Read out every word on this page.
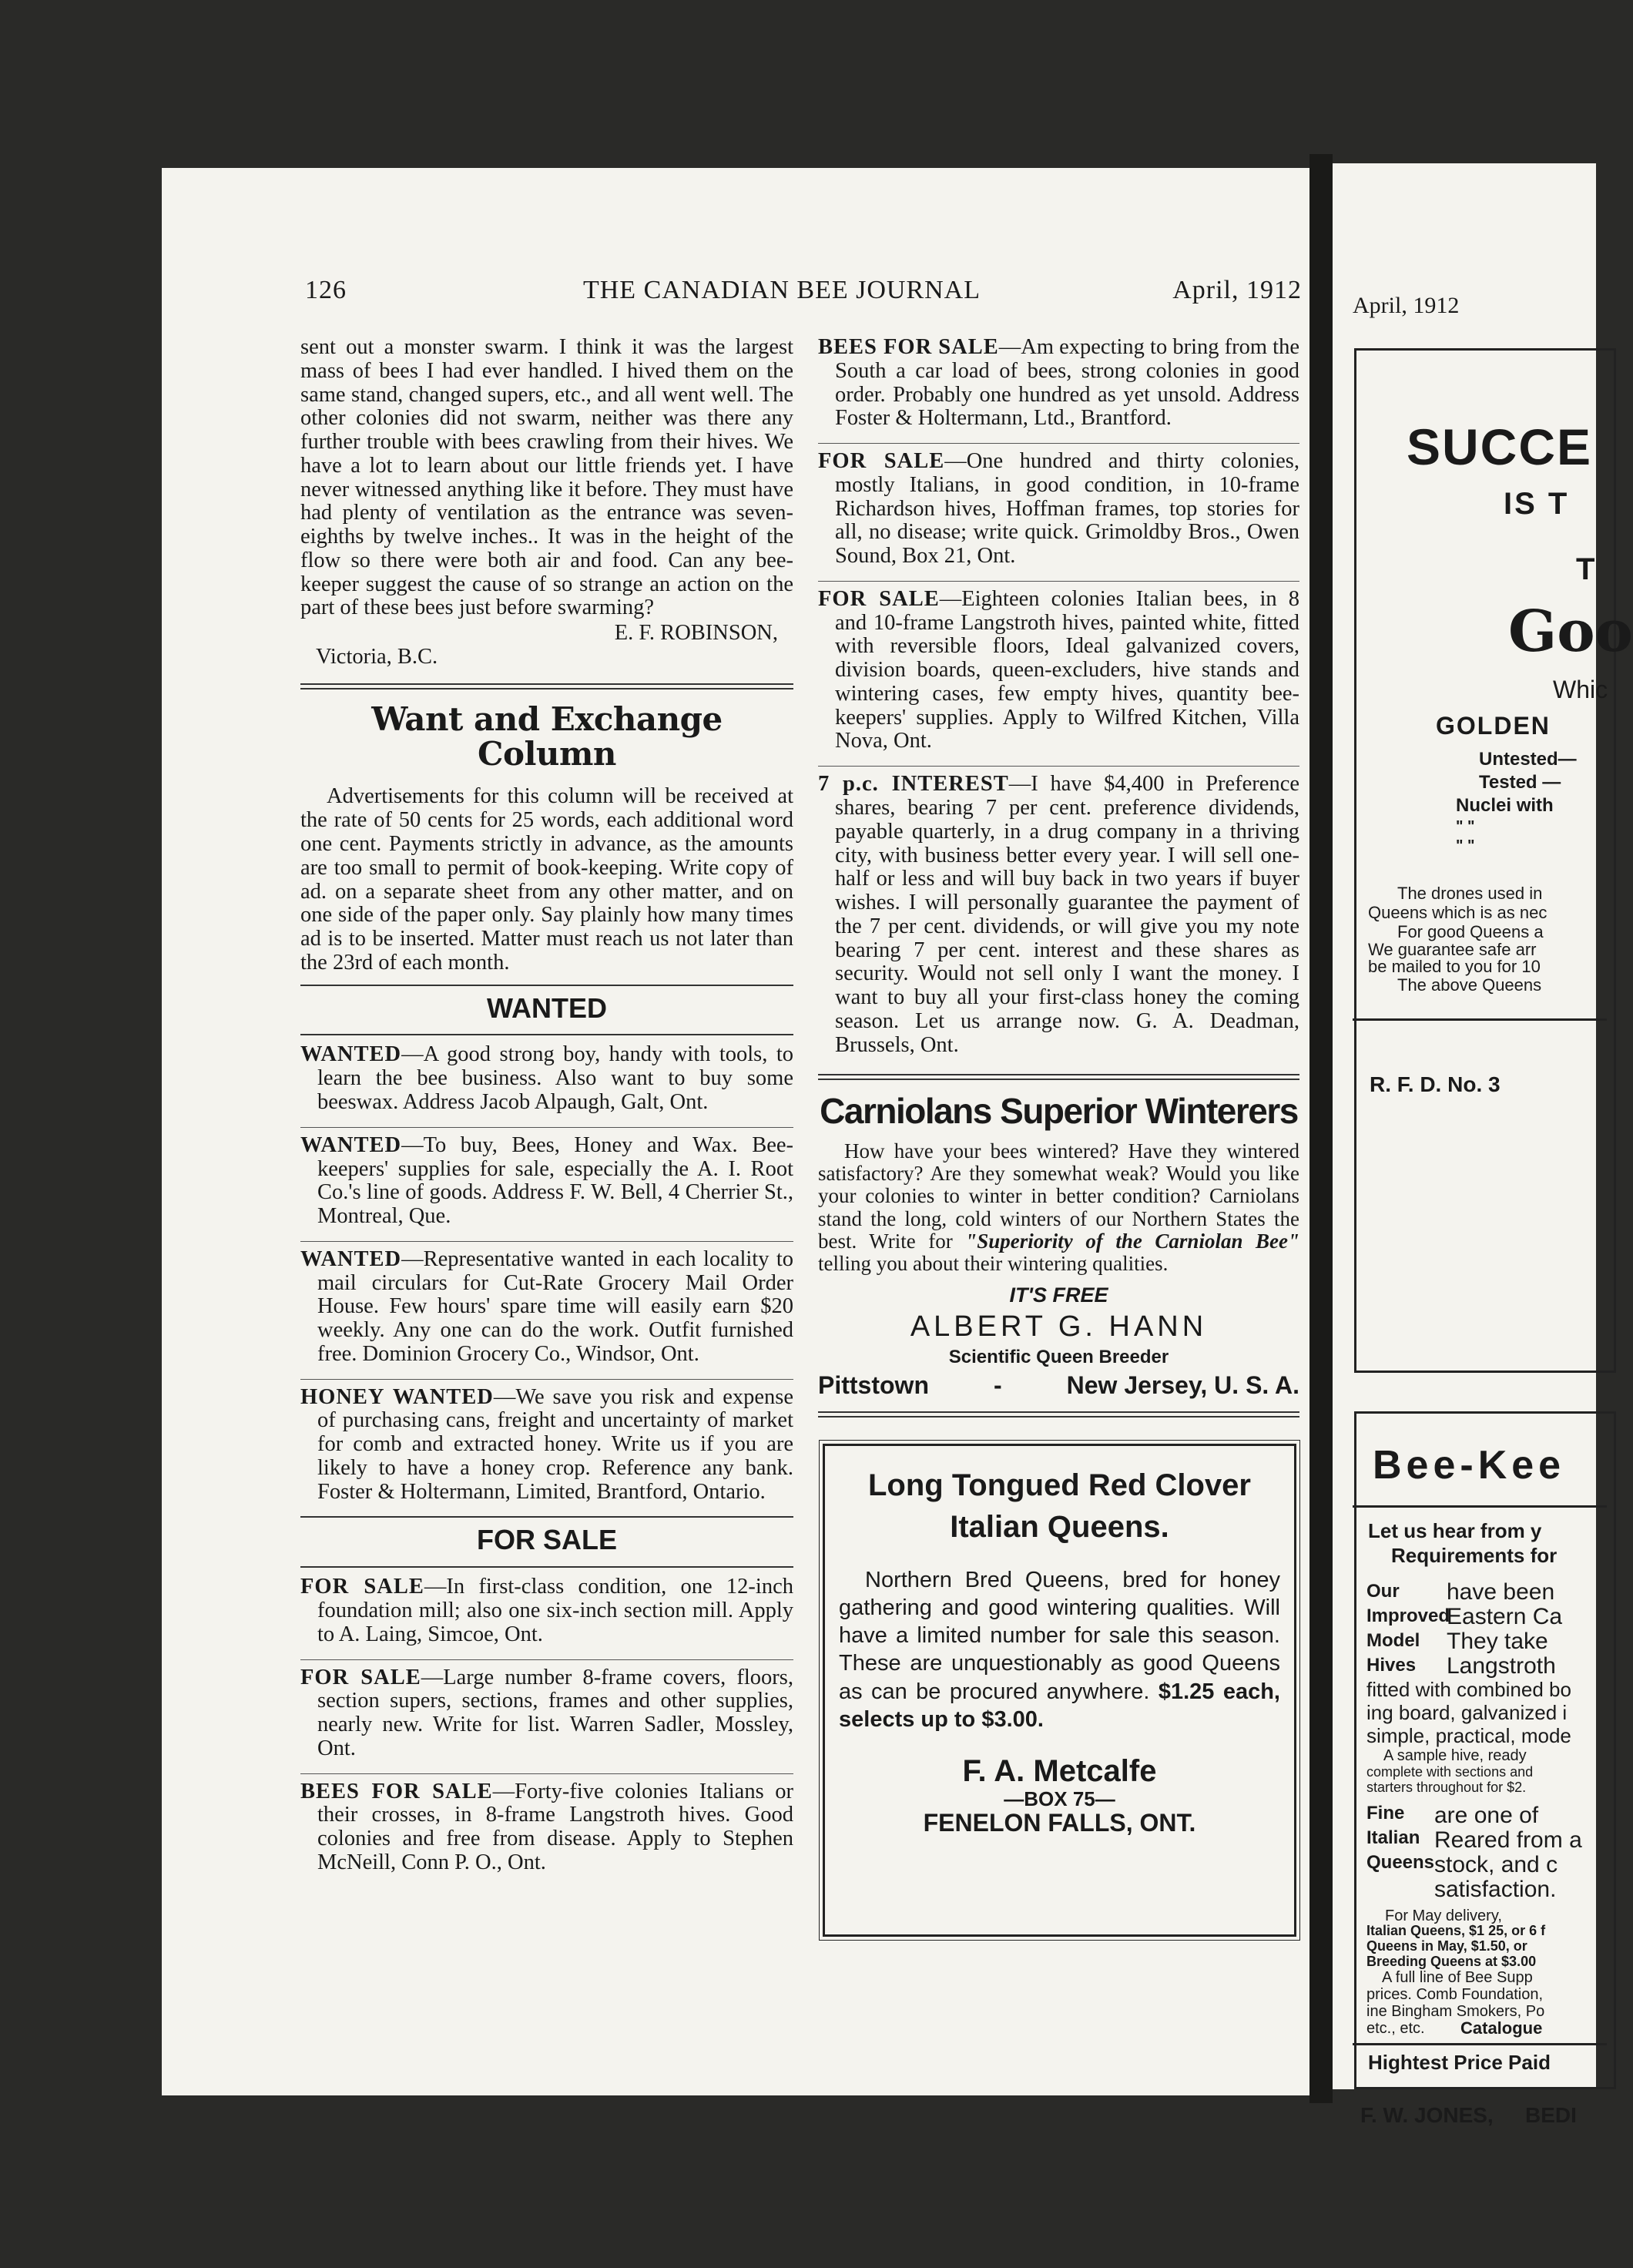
126	THE CANADIAN BEE JOURNAL	April, 1912

sent out a monster swarm. I think it was the largest mass of bees I had ever handled. I hived them on the same stand, changed supers, etc., and all went well. The other colonies did not swarm, neither was there any further trouble with bees crawling from their hives. We have a lot to learn about our little friends yet. I have never witnessed anything like it before. They must have had plenty of ventilation as the entrance was seven-eighths by twelve inches.. It was in the height of the flow so there were both air and food. Can any bee-keeper suggest the cause of so strange an action on the part of these bees just before swarming?

E. F. ROBINSON,

Victoria, B.C.

Want and Exchange Column

Advertisements for this column will be received at the rate of 50 cents for 25 words, each additional word one cent. Payments strictly in advance, as the amounts are too small to permit of book-keeping. Write copy of ad. on a separate sheet from any other matter, and on one side of the paper only. Say plainly how many times ad is to be inserted. Matter must reach us not later than the 23rd of each month.

WANTED
WANTED—A good strong boy, handy with tools, to learn the bee business. Also want to buy some beeswax. Address Jacob Alpaugh, Galt, Ont.
WANTED—To buy, Bees, Honey and Wax. Bee-keepers' supplies for sale, especially the A. I. Root Co.'s line of goods. Address F. W. Bell, 4 Cherrier St., Montreal, Que.
WANTED—Representative wanted in each locality to mail circulars for Cut-Rate Grocery Mail Order House. Few hours' spare time will easily earn $20 weekly. Any one can do the work. Outfit furnished free. Dominion Grocery Co., Windsor, Ont.
HONEY WANTED—We save you risk and expense of purchasing cans, freight and uncertainty of market for comb and extracted honey. Write us if you are likely to have a honey crop. Reference any bank. Foster & Holtermann, Limited, Brantford, Ontario.
FOR SALE
FOR SALE—In first-class condition, one 12-inch foundation mill; also one six-inch section mill. Apply to A. Laing, Simcoe, Ont.
FOR SALE—Large number 8-frame covers, floors, section supers, sections, frames and other supplies, nearly new. Write for list. Warren Sadler, Mossley, Ont.
BEES FOR SALE—Forty-five colonies Italians or their crosses, in 8-frame Langstroth hives. Good colonies and free from disease. Apply to Stephen McNeill, Conn P. O., Ont.
BEES FOR SALE—Am expecting to bring from the South a car load of bees, strong colonies in good order. Probably one hundred as yet unsold. Address Foster & Holtermann, Ltd., Brantford.
FOR SALE—One hundred and thirty colonies, mostly Italians, in good condition, in 10-frame Richardson hives, Hoffman frames, top stories for all, no disease; write quick. Grimoldby Bros., Owen Sound, Box 21, Ont.
FOR SALE—Eighteen colonies Italian bees, in 8 and 10-frame Langstroth hives, painted white, fitted with reversible floors, Ideal galvanized covers, division boards, queen-excluders, hive stands and wintering cases, few empty hives, quantity bee-keepers' supplies. Apply to Wilfred Kitchen, Villa Nova, Ont.
7 p.c. INTEREST—I have $4,400 in Preference shares, bearing 7 per cent. preference dividends, payable quarterly, in a drug company in a thriving city, with business better every year. I will sell one-half or less and will buy back in two years if buyer wishes. I will personally guarantee the payment of the 7 per cent. dividends, or will give you my note bearing 7 per cent. interest and these shares as security. Would not sell only I want the money. I want to buy all your first-class honey the coming season. Let us arrange now. G. A. Deadman, Brussels, Ont.
Carniolans Superior Winterers

How have your bees wintered? Have they wintered satisfactory? Are they somewhat weak? Would you like your colonies to winter in better condition? Carniolans stand the long, cold winters of our Northern States the best. Write for "Superiority of the Carniolan Bee" telling you about their wintering qualities.

IT'S FREE
ALBERT G. HANN
Scientific Queen Breeder
Pittstown	-	New Jersey, U. S. A.
Long Tongued Red Clover
Italian Queens.

Northern Bred Queens, bred for honey gathering and good wintering qualities. Will have a limited number for sale this season. These are unquestionably as good Queens as can be procured anywhere. $1.25 each, selects up to $3.00.

F. A. Metcalfe
—BOX 75—
FENELON FALLS, ONT.
April, 1912
SUCCE
IS T
T
Goo
Whic
GOLDEN
Untested—
Tested —
Nuclei with
" "
" "
The drones used in
Queens which is as nec
For good Queens a
We guarantee safe arr
be mailed to you for 10
The above Queens
R. F. D. No. 3
Bee-Kee
Let us hear from y
Requirements for
Our have been
Improved
Eastern Ca
Model They take
Hives Langstroth
fitted with combined bo
ing board, galvanized i
simple, practical, mode
A sample hive, ready
complete with sections and
starters throughout for $2.
Fine are one of
Italian Reared from a
Queens stock, and c
satisfaction.
For May delivery,
Italian Queens, $1 25, or 6 f
Queens in May, $1.50, or
Breeding Queens at $3.00
A full line of Bee Supp
prices. Comb Foundation,
ine Bingham Smokers, Po
etc., etc. Catalogue
Hightest Price Paid
F. W. JONES, BEDI
